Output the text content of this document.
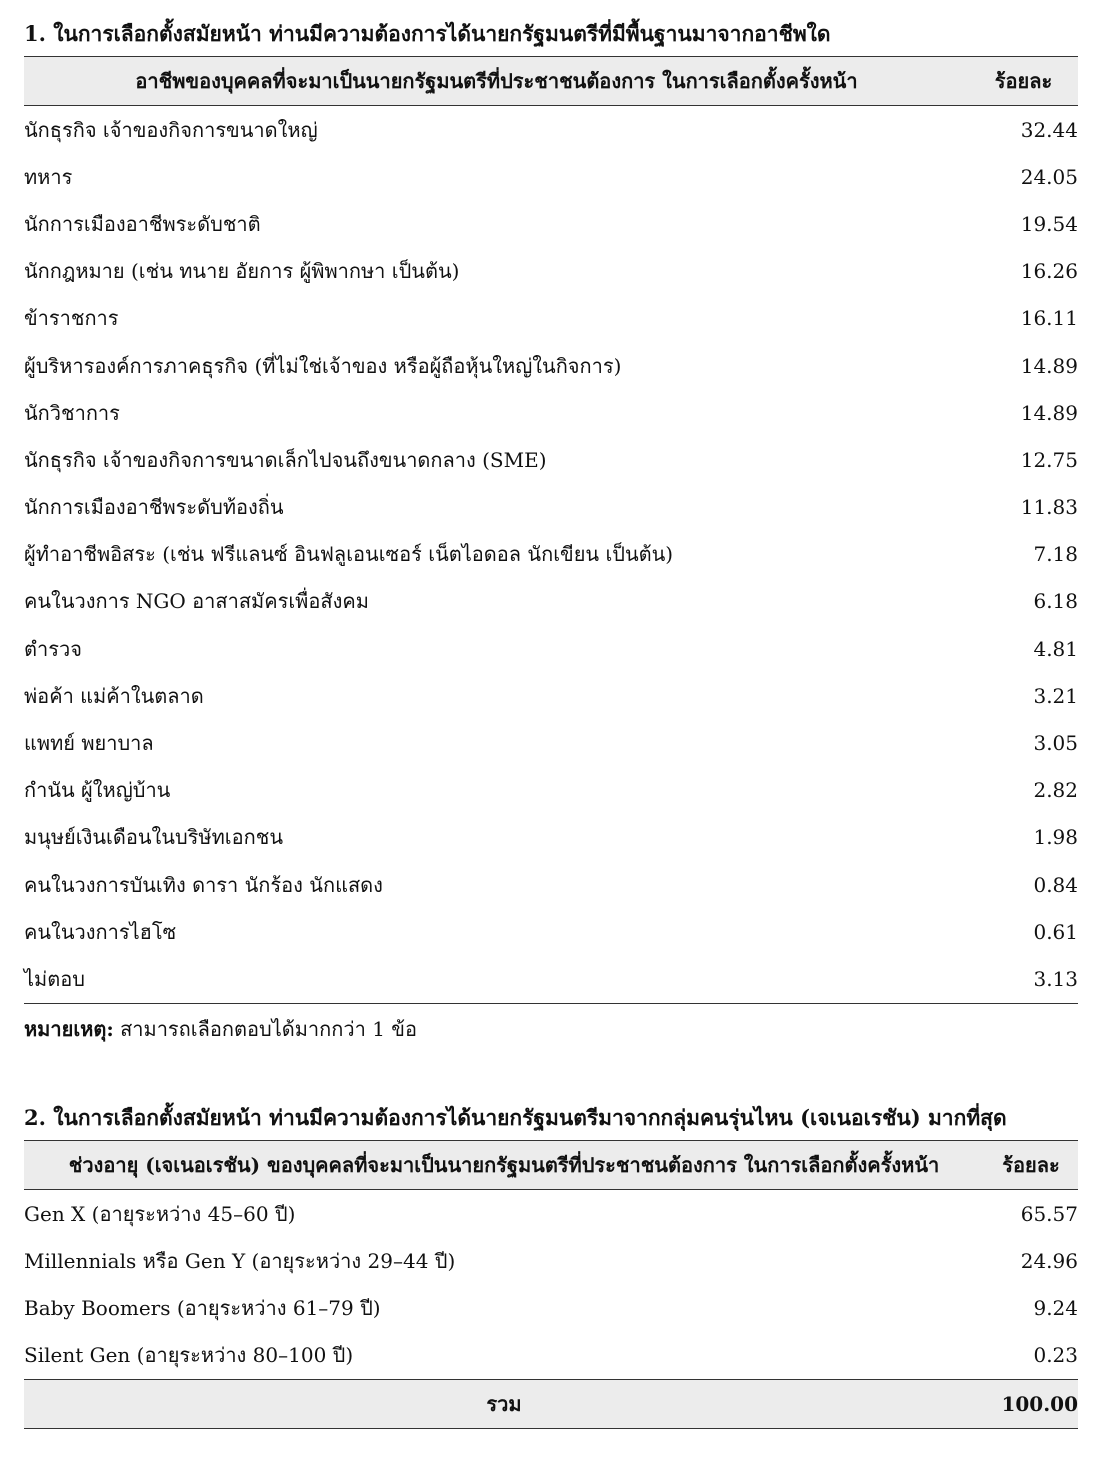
1. ในการเลือกตั้งสมัยหน้า ท่านมีความต้องการได้นายกรัฐมนตรีที่มีพื้นฐานมาจากอาชีพใด
อาชีพของบุคคลที่จะมาเป็นนายกรัฐมนตรีที่ประชาชนต้องการ ในการเลือกตั้งครั้งหน้า	ร้อยละ
นักธุรกิจ เจ้าของกิจการขนาดใหญ่	32.44
ทหาร	24.05
นักการเมืองอาชีพระดับชาติ	19.54
นักกฎหมาย (เช่น ทนาย อัยการ ผู้พิพากษา เป็นต้น)	16.26
ข้าราชการ	16.11
ผู้บริหารองค์การภาคธุรกิจ (ที่ไม่ใช่เจ้าของ หรือผู้ถือหุ้นใหญ่ในกิจการ)	14.89
นักวิชาการ	14.89
นักธุรกิจ เจ้าของกิจการขนาดเล็กไปจนถึงขนาดกลาง (SME)	12.75
นักการเมืองอาชีพระดับท้องถิ่น	11.83
ผู้ทำอาชีพอิสระ (เช่น ฟรีแลนซ์ อินฟลูเอนเซอร์ เน็ตไอดอล นักเขียน เป็นต้น)	7.18
คนในวงการ NGO อาสาสมัครเพื่อสังคม	6.18
ตำรวจ	4.81
พ่อค้า แม่ค้าในตลาด	3.21
แพทย์ พยาบาล	3.05
กำนัน ผู้ใหญ่บ้าน	2.82
มนุษย์เงินเดือนในบริษัทเอกชน	1.98
คนในวงการบันเทิง ดารา นักร้อง นักแสดง	0.84
คนในวงการไฮโซ	0.61
ไม่ตอบ	3.13

หมายเหตุ: สามารถเลือกตอบได้มากกว่า 1 ข้อ

2. ในการเลือกตั้งสมัยหน้า ท่านมีความต้องการได้นายกรัฐมนตรีมาจากกลุ่มคนรุ่นไหน (เจเนอเรชัน) มากที่สุด
ช่วงอายุ (เจเนอเรชัน) ของบุคคลที่จะมาเป็นนายกรัฐมนตรีที่ประชาชนต้องการ ในการเลือกตั้งครั้งหน้า	ร้อยละ
Gen X (อายุระหว่าง 45–60 ปี)	65.57
Millennials หรือ Gen Y (อายุระหว่าง 29–44 ปี)	24.96
Baby Boomers (อายุระหว่าง 61–79 ปี)	9.24
Silent Gen (อายุระหว่าง 80–100 ปี)	0.23
รวม	100.00
